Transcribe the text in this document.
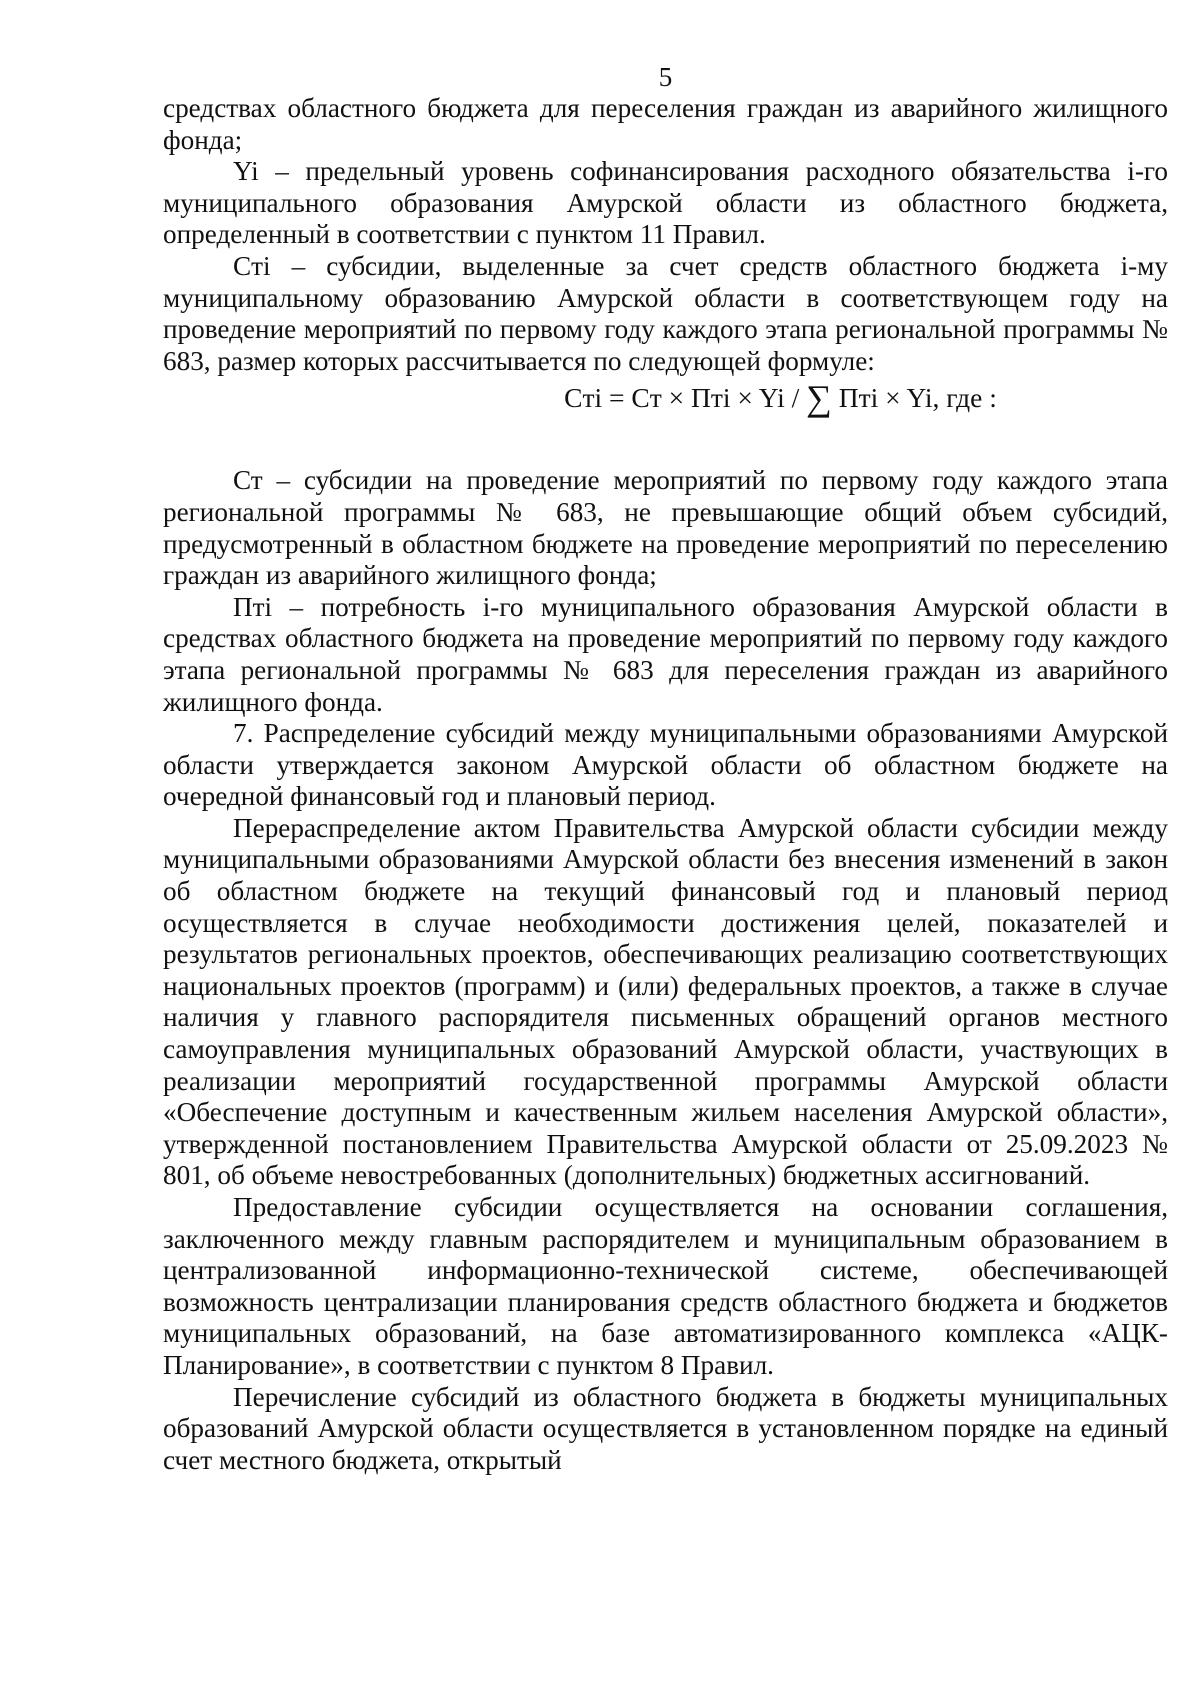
5

средствах областного бюджета для переселения граждан из аварийного жилищного фонда;

Yi – предельный уровень софинансирования расходного обязательства i-го муниципального образования Амурской области из областного бюджета, определенный в соответствии с пунктом 11 Правил.

Cтi – субсидии, выделенные за счет средств областного бюджета i-му муниципальному образованию Амурской области в соответствующем году на проведение мероприятий по первому году каждого этапа региональной программы № 683, размер которых рассчитывается по следующей формуле:

Cтi = Cт × Птi × Yi / ∑ Птi × Yi, где :

Ст – субсидии на проведение мероприятий по первому году каждого этапа региональной программы № 683, не превышающие общий объем субсидий, предусмотренный в областном бюджете на проведение мероприятий по переселению граждан из аварийного жилищного фонда;

Птi – потребность i-го муниципального образования Амурской области в средствах областного бюджета на проведение мероприятий по первому году каждого этапа региональной программы № 683 для переселения граждан из аварийного жилищного фонда.

7. Распределение субсидий между муниципальными образованиями Амурской области утверждается законом Амурской области об областном бюджете на очередной финансовый год и плановый период.

Перераспределение актом Правительства Амурской области субсидии между муниципальными образованиями Амурской области без внесения изменений в закон об областном бюджете на текущий финансовый год и плановый период осуществляется в случае необходимости достижения целей, показателей и результатов региональных проектов, обеспечивающих реализацию соответствующих национальных проектов (программ) и (или) федеральных проектов, а также в случае наличия у главного распорядителя письменных обращений органов местного самоуправления муниципальных образований Амурской области, участвующих в реализации мероприятий государственной программы Амурской области «Обеспечение доступным и качественным жильем населения Амурской области», утвержденной постановлением Правительства Амурской области от 25.09.2023 № 801, об объеме невостребованных (дополнительных) бюджетных ассигнований.

Предоставление субсидии осуществляется на основании соглашения, заключенного между главным распорядителем и муниципальным образованием в централизованной информационно-технической системе, обеспечивающей возможность централизации планирования средств областного бюджета и бюджетов муниципальных образований, на базе автоматизированного комплекса «АЦК-Планирование», в соответствии с пунктом 8 Правил.

Перечисление субсидий из областного бюджета в бюджеты муниципальных образований Амурской области осуществляется в установленном порядке на единый счет местного бюджета, открытый
